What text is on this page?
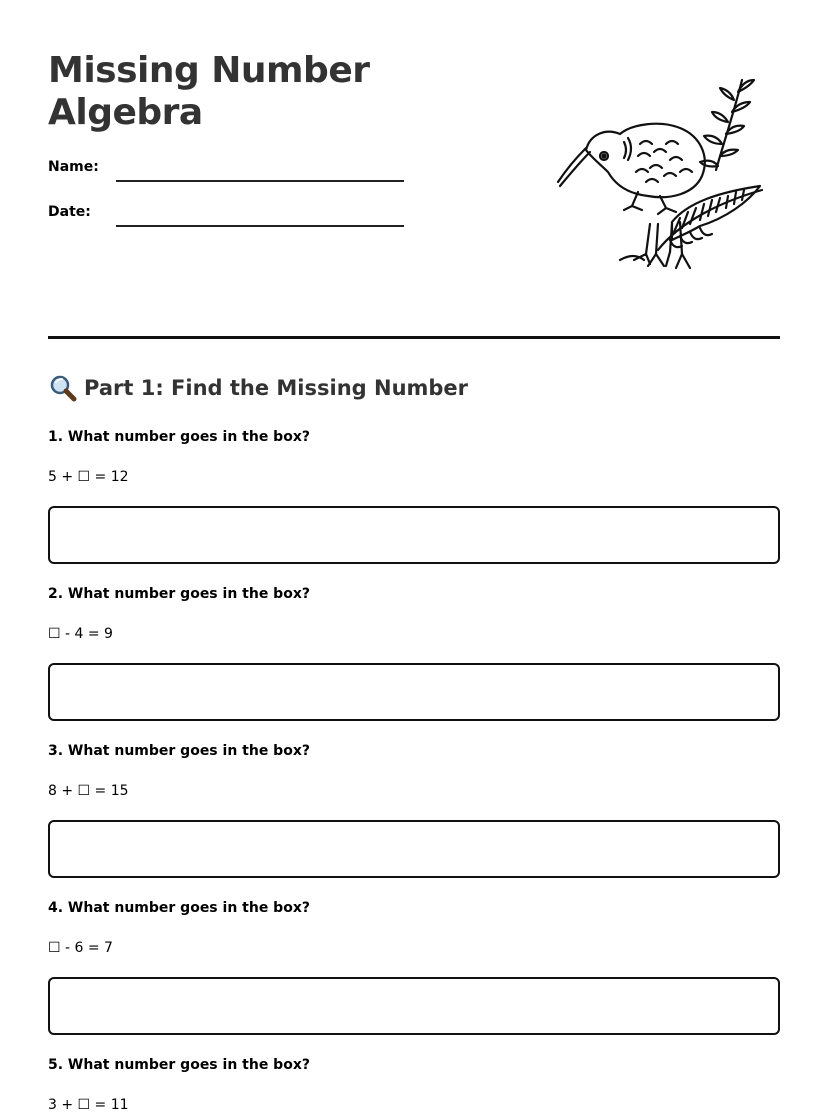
Missing Number
Algebra
Name:
Date:
Part 1: Find the Missing Number
1. What number goes in the box?
5 + ☐ = 12
2. What number goes in the box?
☐ - 4 = 9
3. What number goes in the box?
8 + ☐ = 15
4. What number goes in the box?
☐ - 6 = 7
5. What number goes in the box?
3 + ☐ = 11
